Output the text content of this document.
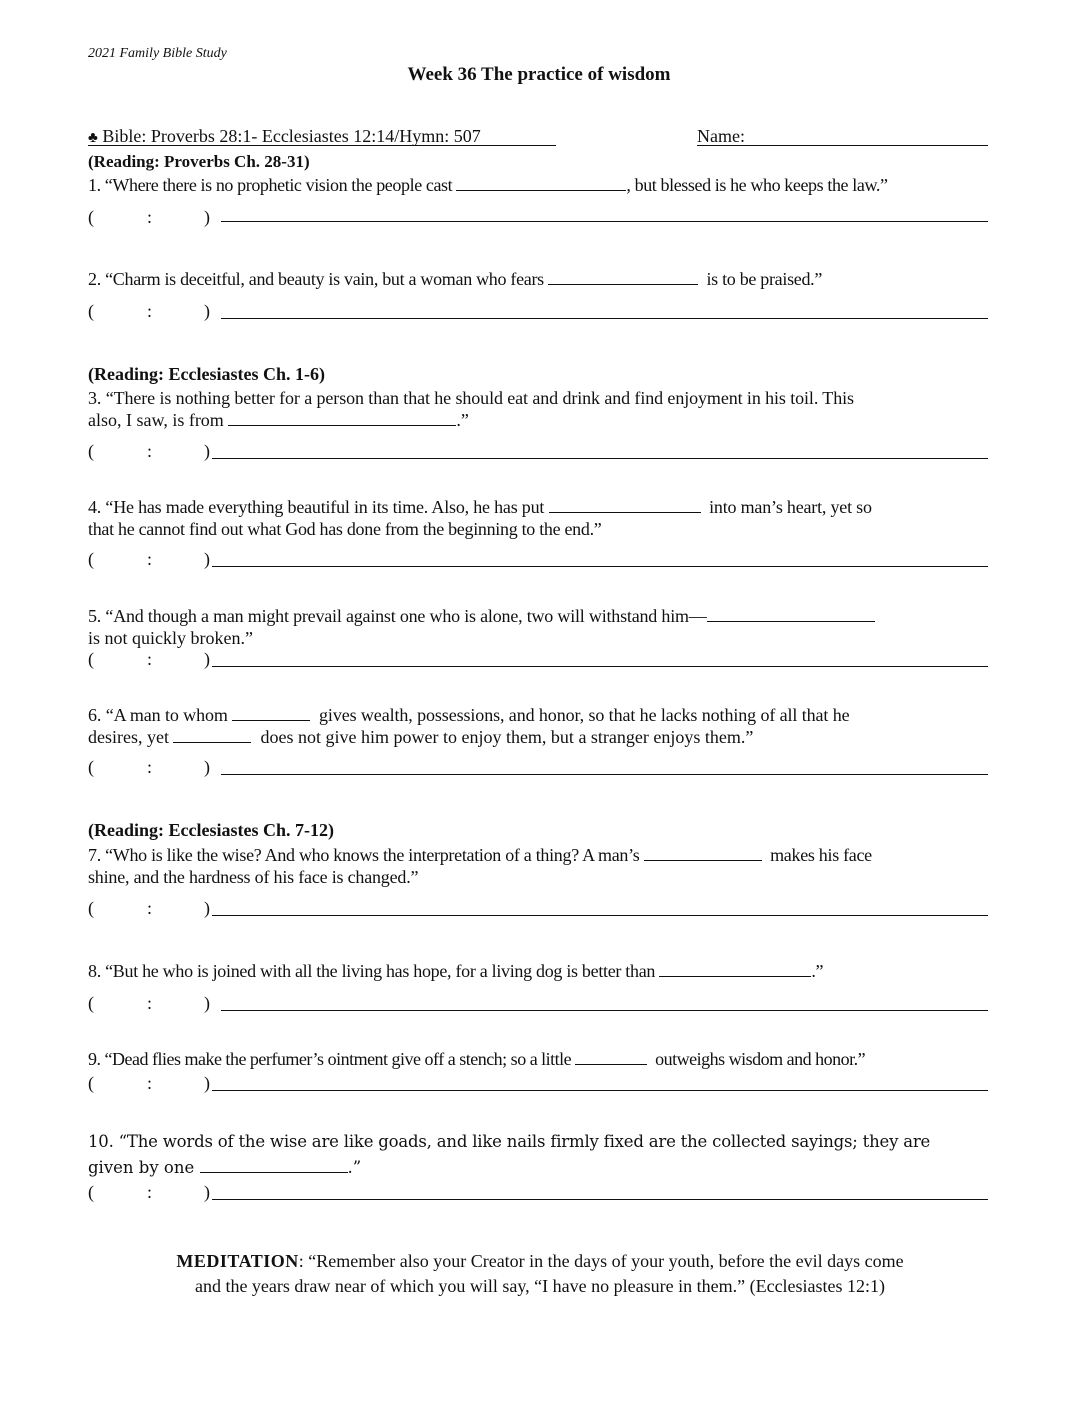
2021 Family Bible Study
Week 36 The practice of wisdom
♣ Bible: Proverbs 28:1- Ecclesiastes 12:14/Hymn: 507	Name:
(Reading: Proverbs Ch. 28-31)
1. “Where there is no prophetic vision the people cast	, but blessed is he who keeps the law.”
(	:	)
2. “Charm is deceitful, and beauty is vain, but a woman who fears	is to be praised.”
(	:	)
(Reading: Ecclesiastes Ch. 1-6)
3. “There is nothing better for a person than that he should eat and drink and find enjoyment in his toil. This
also, I saw, is from	.”
(	:	)
4. “He has made everything beautiful in its time. Also, he has put	into man’s heart, yet so
that he cannot find out what God has done from the beginning to the end.”
(	:	)
5. “And though a man might prevail against one who is alone, two will withstand him—
is not quickly broken.”
(	:	)
6. “A man to whom	gives wealth, possessions, and honor, so that he lacks nothing of all that he
desires, yet	does not give him power to enjoy them, but a stranger enjoys them.”
(	:	)
(Reading: Ecclesiastes Ch. 7-12)
7. “Who is like the wise? And who knows the interpretation of a thing? A man’s	makes his face
shine, and the hardness of his face is changed.”
(	:	)
8. “But he who is joined with all the living has hope, for a living dog is better than	.”
(	:	)
9. “Dead flies make the perfumer’s ointment give off a stench; so a little	outweighs wisdom and honor.”
(	:	)
10. “The words of the wise are like goads, and like nails firmly fixed are the collected sayings; they are
given by one	.”
(	:	)
MEDITATION: “Remember also your Creator in the days of your youth, before the evil days come
and the years draw near of which you will say, “I have no pleasure in them.” (Ecclesiastes 12:1)
